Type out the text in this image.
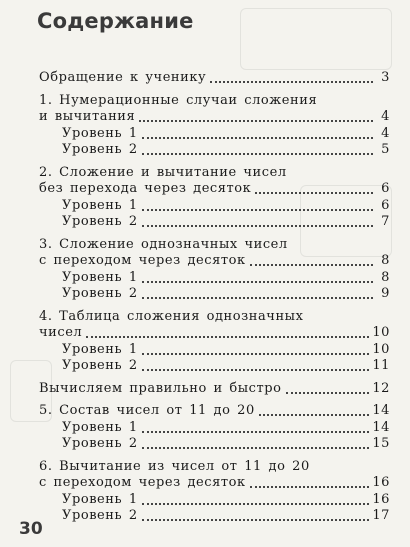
Содержание
Обращение к ученику	3
1. Нумерационные случаи сложения
и вычитания	4
Уровень 1	4
Уровень 2	5
2. Сложение и вычитание чисел
без перехода через десяток	6
Уровень 1	6
Уровень 2	7
3. Сложение однозначных чисел
с переходом через десяток	8
Уровень 1	8
Уровень 2	9
4. Таблица сложения однозначных
чисел	10
Уровень 1	10
Уровень 2	11
Вычисляем правильно и быстро	12
5. Состав чисел от 11 до 20	14
Уровень 1	14
Уровень 2	15
6. Вычитание из чисел от 11 до 20
с переходом через десяток	16
Уровень 1	16
Уровень 2	17
30
